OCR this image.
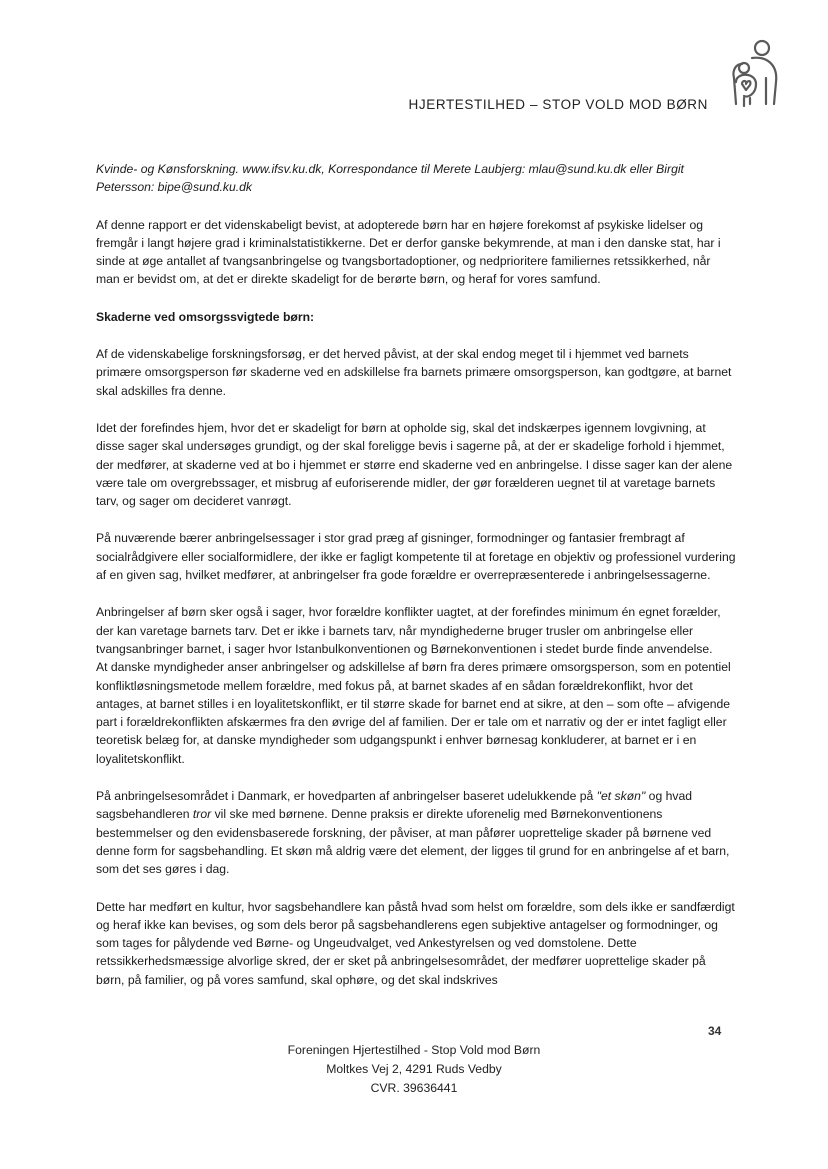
HJERTESTILHED – STOP VOLD MOD BØRN

Kvinde- og Kønsforskning. www.ifsv.ku.dk, Korrespondance til Merete Laubjerg: mlau@sund.ku.dk eller Birgit Petersson: bipe@sund.ku.dk

Af denne rapport er det videnskabeligt bevist, at adopterede børn har en højere forekomst af psykiske lidelser og fremgår i langt højere grad i kriminalstatistikkerne. Det er derfor ganske bekymrende, at man i den danske stat, har i sinde at øge antallet af tvangsanbringelse og tvangsbortadoptioner, og nedprioritere familiernes retssikkerhed, når man er bevidst om, at det er direkte skadeligt for de berørte børn, og heraf for vores samfund.

Skaderne ved omsorgssvigtede børn:

Af de videnskabelige forskningsforsøg, er det herved påvist, at der skal endog meget til i hjemmet ved barnets primære omsorgsperson før skaderne ved en adskillelse fra barnets primære omsorgsperson, kan godtgøre, at barnet skal adskilles fra denne.

Idet der forefindes hjem, hvor det er skadeligt for børn at opholde sig, skal det indskærpes igennem lovgivning, at disse sager skal undersøges grundigt, og der skal foreligge bevis i sagerne på, at der er skadelige forhold i hjemmet, der medfører, at skaderne ved at bo i hjemmet er større end skaderne ved en anbringelse. I disse sager kan der alene være tale om overgrebssager, et misbrug af euforiserende midler, der gør forælderen uegnet til at varetage barnets tarv, og sager om decideret vanrøgt.

På nuværende bærer anbringelsessager i stor grad præg af gisninger, formodninger og fantasier frembragt af socialrådgivere eller socialformidlere, der ikke er fagligt kompetente til at foretage en objektiv og professionel vurdering af en given sag, hvilket medfører, at anbringelser fra gode forældre er overrepræsenterede i anbringelsessagerne.

Anbringelser af børn sker også i sager, hvor forældre konflikter uagtet, at der forefindes minimum én egnet forælder, der kan varetage barnets tarv. Det er ikke i barnets tarv, når myndighederne bruger trusler om anbringelse eller tvangsanbringer barnet, i sager hvor Istanbulkonventionen og Børnekonventionen i stedet burde finde anvendelse.

At danske myndigheder anser anbringelser og adskillelse af børn fra deres primære omsorgsperson, som en potentiel konfliktløsningsmetode mellem forældre, med fokus på, at barnet skades af en sådan forældrekonflikt, hvor det antages, at barnet stilles i en loyalitetskonflikt, er til større skade for barnet end at sikre, at den – som ofte – afvigende part i forældrekonflikten afskærmes fra den øvrige del af familien. Der er tale om et narrativ og der er intet fagligt eller teoretisk belæg for, at danske myndigheder som udgangspunkt i enhver børnesag konkluderer, at barnet er i en loyalitetskonflikt.

På anbringelsesområdet i Danmark, er hovedparten af anbringelser baseret udelukkende på "et skøn" og hvad sagsbehandleren tror vil ske med børnene. Denne praksis er direkte uforenelig med Børnekonventionens bestemmelser og den evidensbaserede forskning, der påviser, at man påfører uoprettelige skader på børnene ved denne form for sagsbehandling. Et skøn må aldrig være det element, der ligges til grund for en anbringelse af et barn, som det ses gøres i dag.

Dette har medført en kultur, hvor sagsbehandlere kan påstå hvad som helst om forældre, som dels ikke er sandfærdigt og heraf ikke kan bevises, og som dels beror på sagsbehandlerens egen subjektive antagelser og formodninger, og som tages for pålydende ved Børne- og Ungeudvalget, ved Ankestyrelsen og ved domstolene. Dette retssikkerhedsmæssige alvorlige skred, der er sket på anbringelsesområdet, der medfører uoprettelige skader på børn, på familier, og på vores samfund, skal ophøre, og det skal indskrives

34
Foreningen Hjertestilhed - Stop Vold mod Børn
Moltkes Vej 2, 4291 Ruds Vedby
CVR. 39636441
